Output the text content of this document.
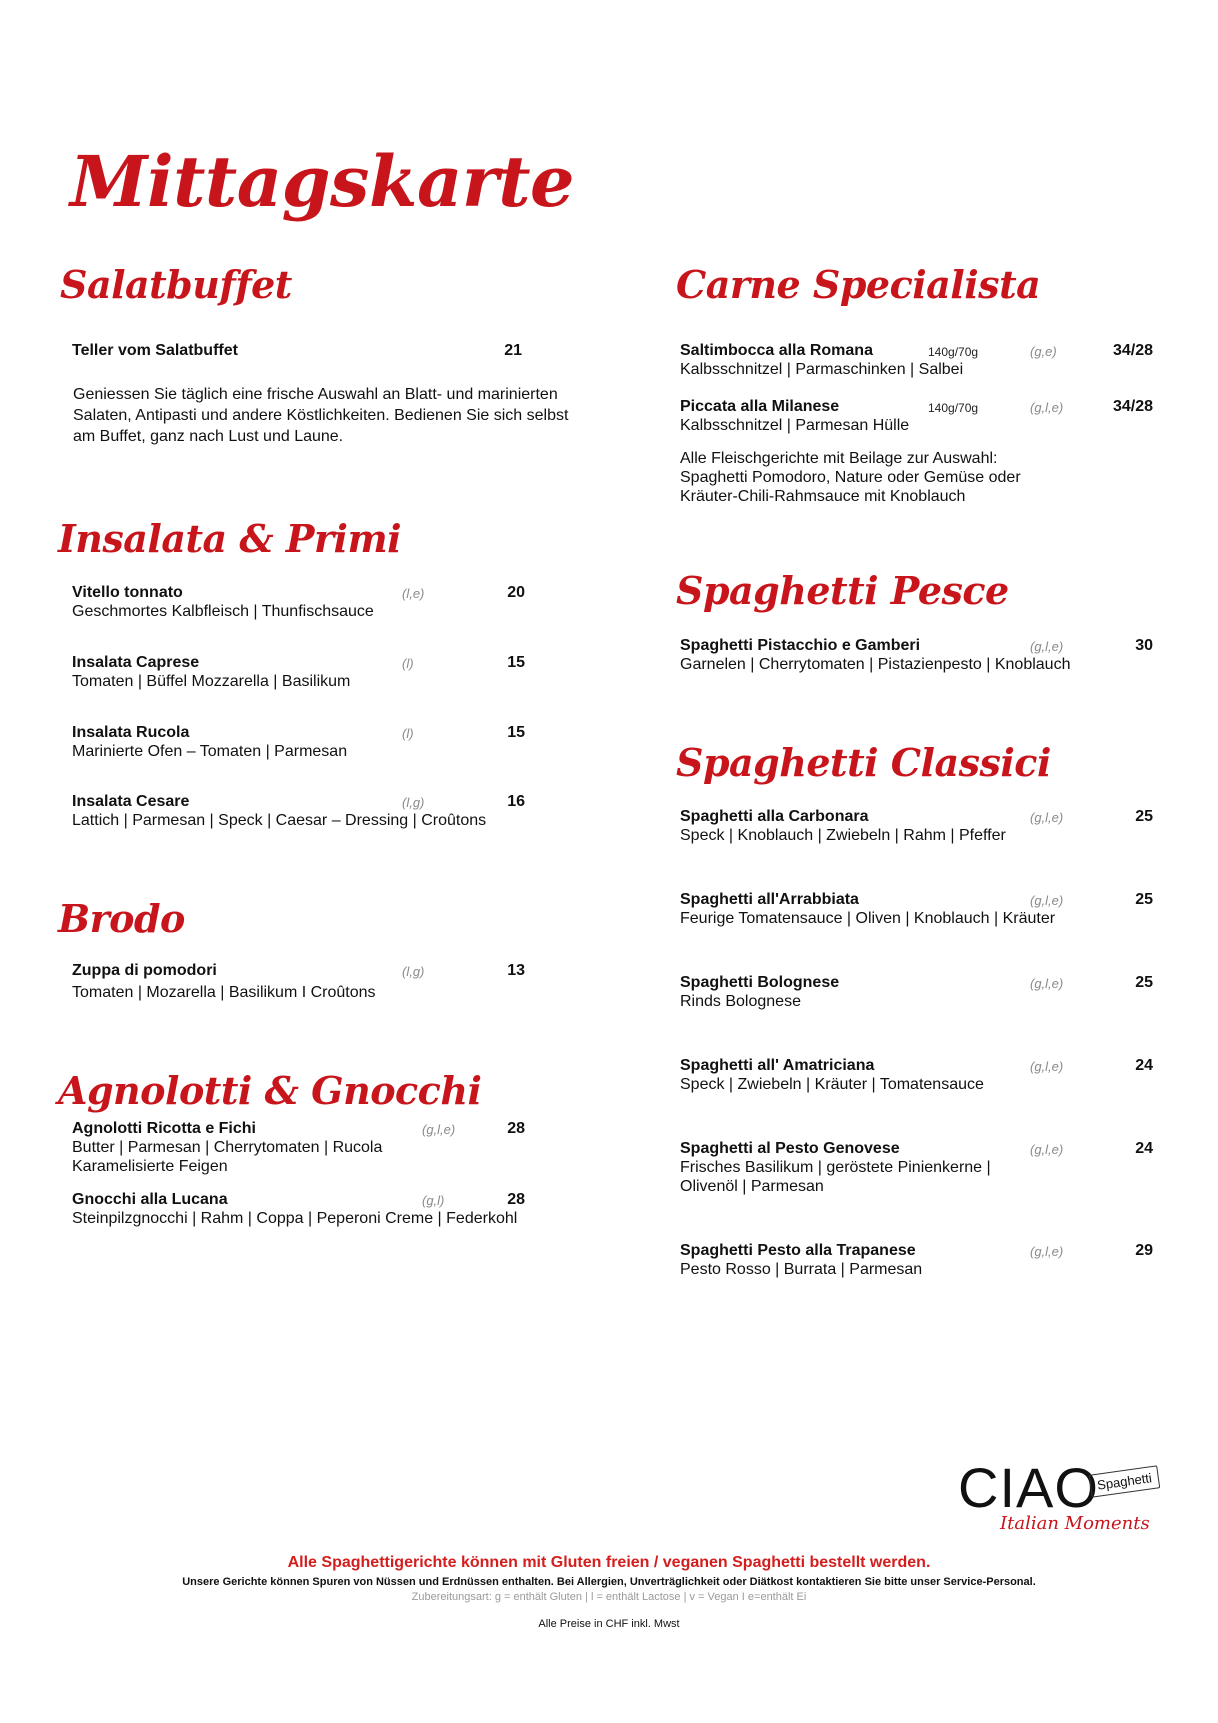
Mittagskarte
Salatbuffet
Teller vom Salatbuffet	21
Geniessen Sie täglich eine frische Auswahl an Blatt- und marinierten Salaten, Antipasti und andere Köstlichkeiten. Bedienen Sie sich selbst am Buffet, ganz nach Lust und Laune.
Insalata & Primi
Vitello tonnato
Geschmortes Kalbfleisch | Thunfischsauce
(l,e)	20
Insalata Caprese
Tomaten | Büffel Mozzarella | Basilikum
(l)	15
Insalata Rucola
Marinierte Ofen – Tomaten | Parmesan
(l)	15
Insalata Cesare
Lattich | Parmesan | Speck | Caesar – Dressing | Croûtons
(l,g)	16
Brodo
Zuppa di pomodori
Tomaten | Mozarella | Basilikum I Croûtons
(l,g)	13
Agnolotti & Gnocchi
Agnolotti Ricotta e Fichi
Butter | Parmesan | Cherrytomaten | Rucola
Karamelisierte Feigen
(g,l,e)	28
Gnocchi alla Lucana
Steinpilzgnocchi | Rahm | Coppa | Peperoni Creme | Federkohl
(g,l)	28
Carne Specialista
Saltimbocca alla Romana
Kalbsschnitzel | Parmaschinken | Salbei
140g/70g	(g,e)	34/28
Piccata alla Milanese
Kalbsschnitzel | Parmesan Hülle
140g/70g	(g,l,e)	34/28
Alle Fleischgerichte mit Beilage zur Auswahl: Spaghetti Pomodoro, Nature oder Gemüse oder Kräuter-Chili-Rahmsauce mit Knoblauch
Spaghetti Pesce
Spaghetti Pistacchio e Gamberi
Garnelen | Cherrytomaten | Pistazienpesto | Knoblauch
(g,l,e)	30
Spaghetti Classici
Spaghetti alla Carbonara
Speck | Knoblauch | Zwiebeln | Rahm | Pfeffer
(g,l,e)	25
Spaghetti all'Arrabbiata
Feurige Tomatensauce | Oliven | Knoblauch | Kräuter
(g,l,e)	25
Spaghetti Bolognese
Rinds Bolognese
(g,l,e)	25
Spaghetti all' Amatriciana
Speck | Zwiebeln | Kräuter | Tomatensauce
(g,l,e)	24
Spaghetti al Pesto Genovese
Frisches Basilikum | geröstete Pinienkerne |
Olivenöl | Parmesan
(g,l,e)	24
Spaghetti Pesto alla Trapanese
Pesto Rosso | Burrata | Parmesan
(g,l,e)	29
CIAO
Spaghetti
Italian Moments
Alle Spaghettigerichte können mit Gluten freien / veganen Spaghetti bestellt werden.
Unsere Gerichte können Spuren von Nüssen und Erdnüssen enthalten. Bei Allergien, Unverträglichkeit oder Diätkost kontaktieren Sie bitte unser Service-Personal.
Zubereitungsart: g = enthält Gluten | l = enthält Lactose | v = Vegan I e=enthält Ei
Alle Preise in CHF inkl. Mwst
